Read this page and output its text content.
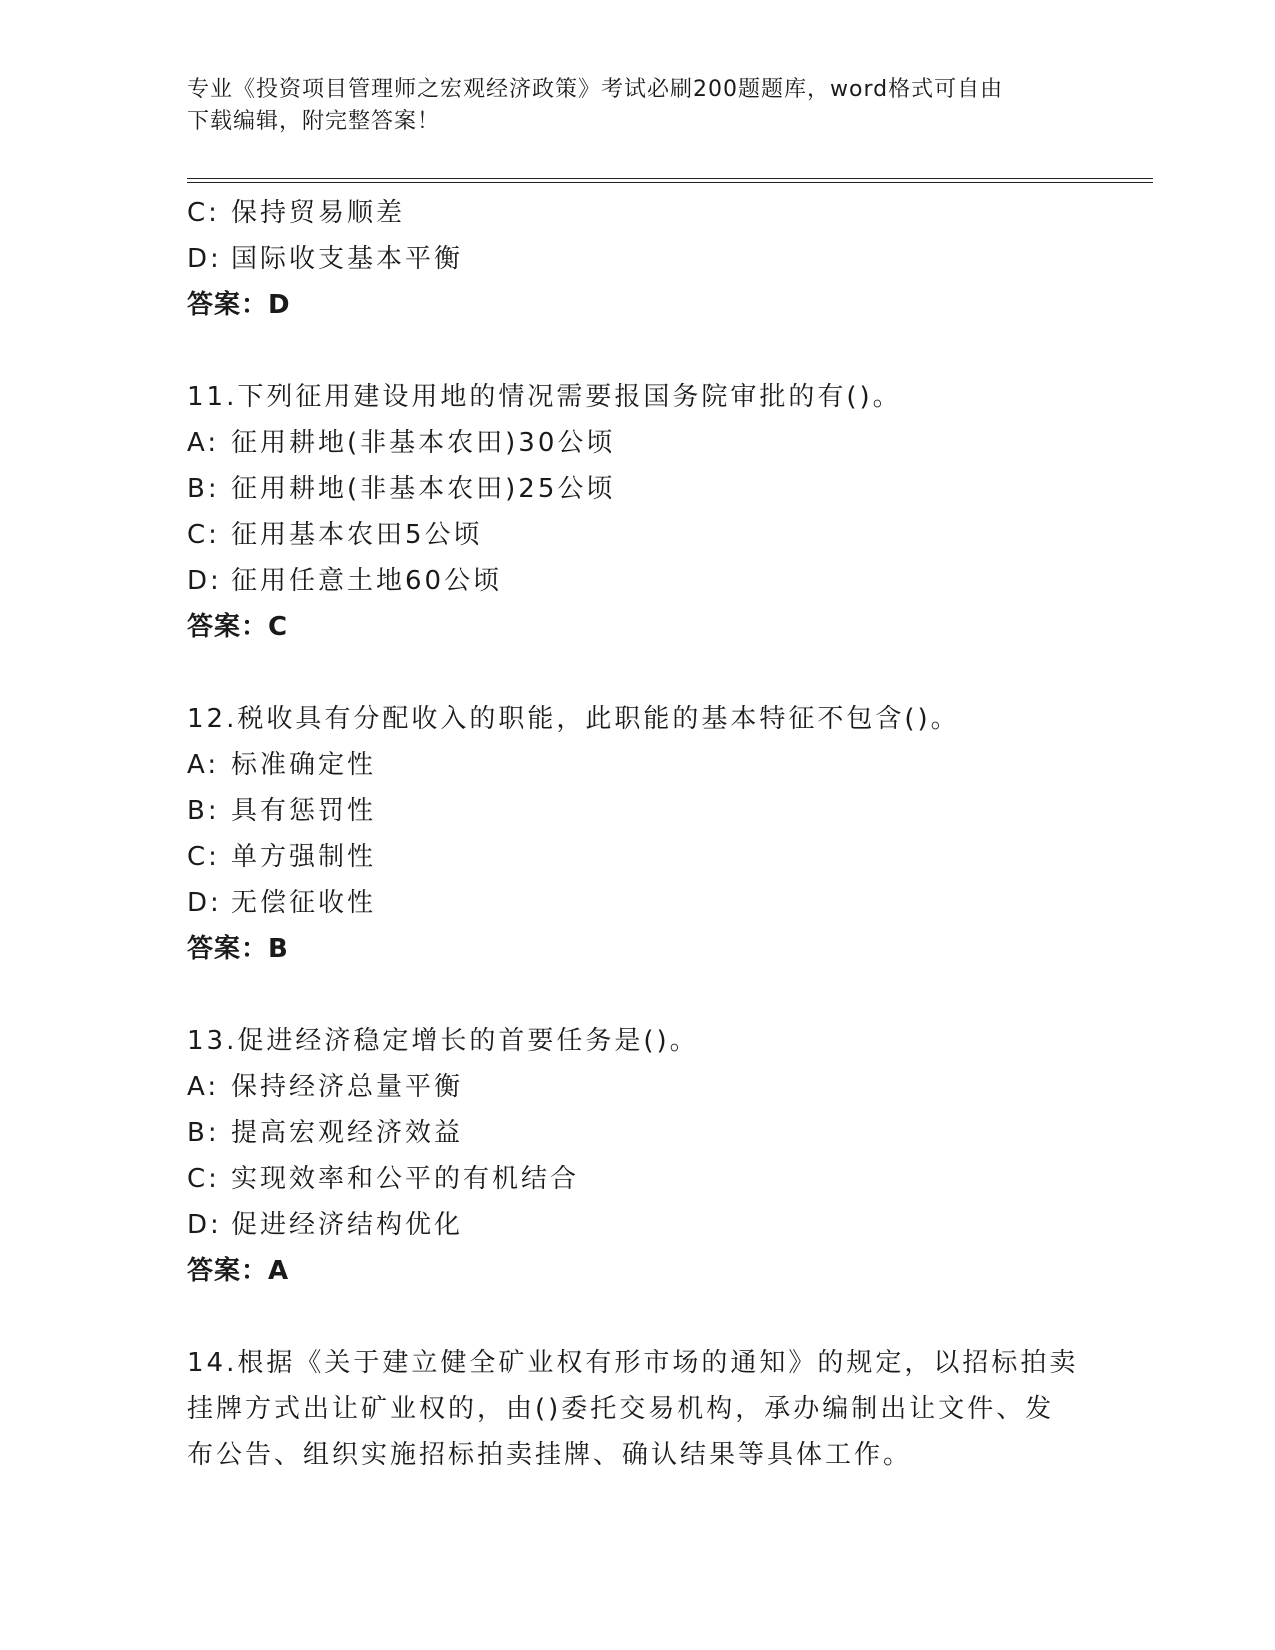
专业《投资项目管理师之宏观经济政策》考试必刷200题题库，word格式可自由
下载编辑，附完整答案！
C: 保持贸易顺差
D: 国际收支基本平衡
答案：D
11.下列征用建设用地的情况需要报国务院审批的有()。
A: 征用耕地(非基本农田)30公顷
B: 征用耕地(非基本农田)25公顷
C: 征用基本农田5公顷
D: 征用任意土地60公顷
答案：C
12.税收具有分配收入的职能，此职能的基本特征不包含()。
A: 标准确定性
B: 具有惩罚性
C: 单方强制性
D: 无偿征收性
答案：B
13.促进经济稳定增长的首要任务是()。
A: 保持经济总量平衡
B: 提高宏观经济效益
C: 实现效率和公平的有机结合
D: 促进经济结构优化
答案：A
14.根据《关于建立健全矿业权有形市场的通知》的规定，以招标拍卖
挂牌方式出让矿业权的，由()委托交易机构，承办编制出让文件、发
布公告、组织实施招标拍卖挂牌、确认结果等具体工作。
